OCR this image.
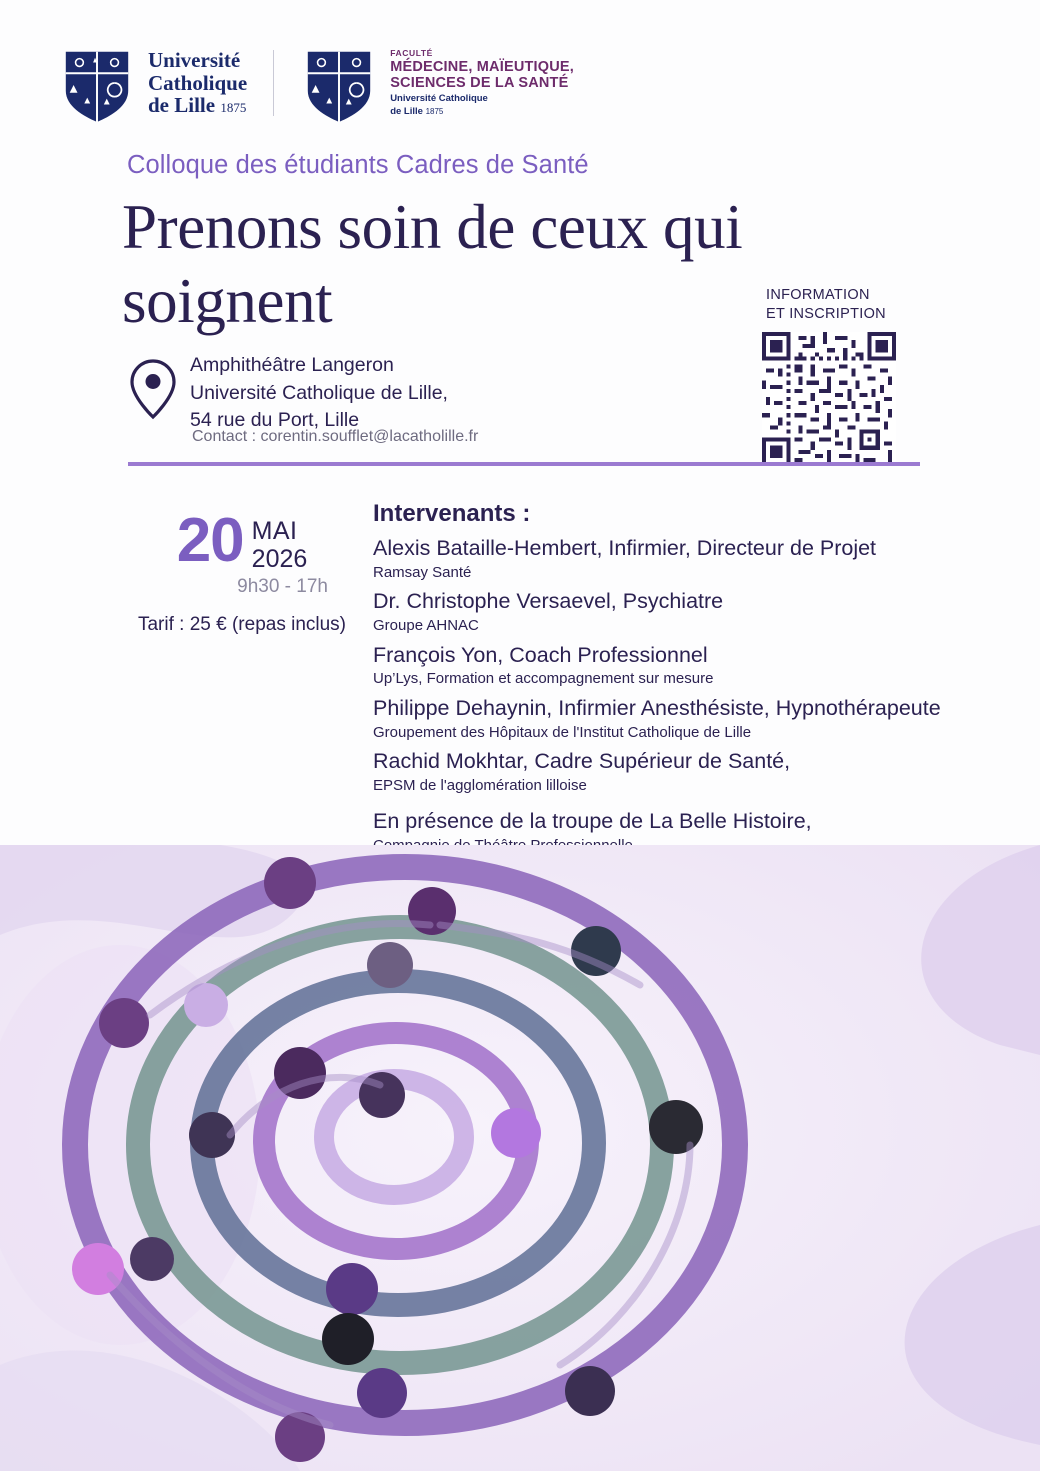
Université
Catholique
de Lille 1875
FACULTÉ
MÉDECINE, MAÏEUTIQUE,
SCIENCES DE LA SANTÉ
Université Catholique
de Lille 1875
Colloque des étudiants Cadres de Santé
Prenons soin de ceux qui
soignent
Amphithéâtre Langeron
Université Catholique de Lille,
54 rue du Port, Lille
Contact : corentin.soufflet@lacatholille.fr
INFORMATION
ET INSCRIPTION
20 MAI
2026
9h30 - 17h
Tarif : 25 € (repas inclus)
Intervenants :
Alexis Bataille-Hembert, Infirmier, Directeur de Projet
Ramsay Santé
Dr. Christophe Versaevel, Psychiatre
Groupe AHNAC
François Yon, Coach Professionnel
Up’Lys, Formation et accompagnement sur mesure
Philippe Dehaynin, Infirmier Anesthésiste, Hypnothérapeute
Groupement des Hôpitaux de l'Institut Catholique de Lille
Rachid Mokhtar, Cadre Supérieur de Santé,
EPSM de l'agglomération lilloise
En présence de la troupe de La Belle Histoire,
